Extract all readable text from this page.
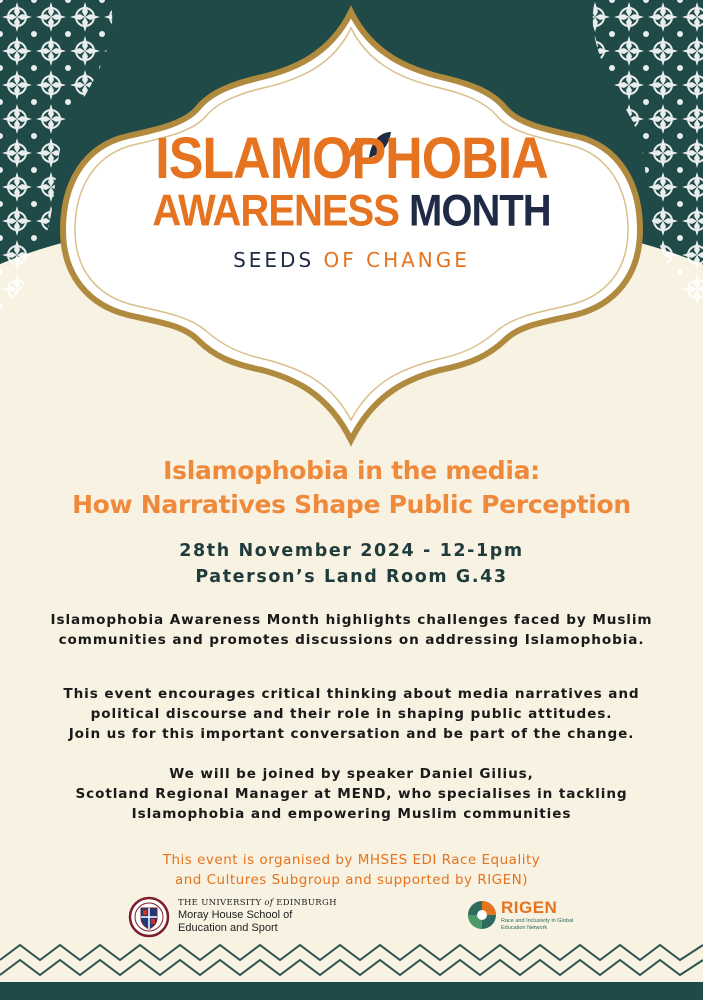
ISLAMOPHOBIA
AWARENESS MONTH
SEEDS OF CHANGE
Islamophobia in the media:
How Narratives Shape Public Perception
28th November 2024 - 12-1pm
Paterson’s Land Room G.43
Islamophobia Awareness Month highlights challenges faced by Muslim communities and promotes discussions on addressing Islamophobia.
This event encourages critical thinking about media narratives and
political discourse and their role in shaping public attitudes.
Join us for this important conversation and be part of the change.
We will be joined by speaker Daniel Gilius,
Scotland Regional Manager at MEND, who specialises in tackling
Islamophobia and empowering Muslim communities
This event is organised by MHSES EDI Race Equality
and Cultures Subgroup and supported by RIGEN)
THE UNIVERSITY of EDINBURGH
Moray House School of
Education and Sport
RIGEN
Race and Inclusivity in Global Education Network
